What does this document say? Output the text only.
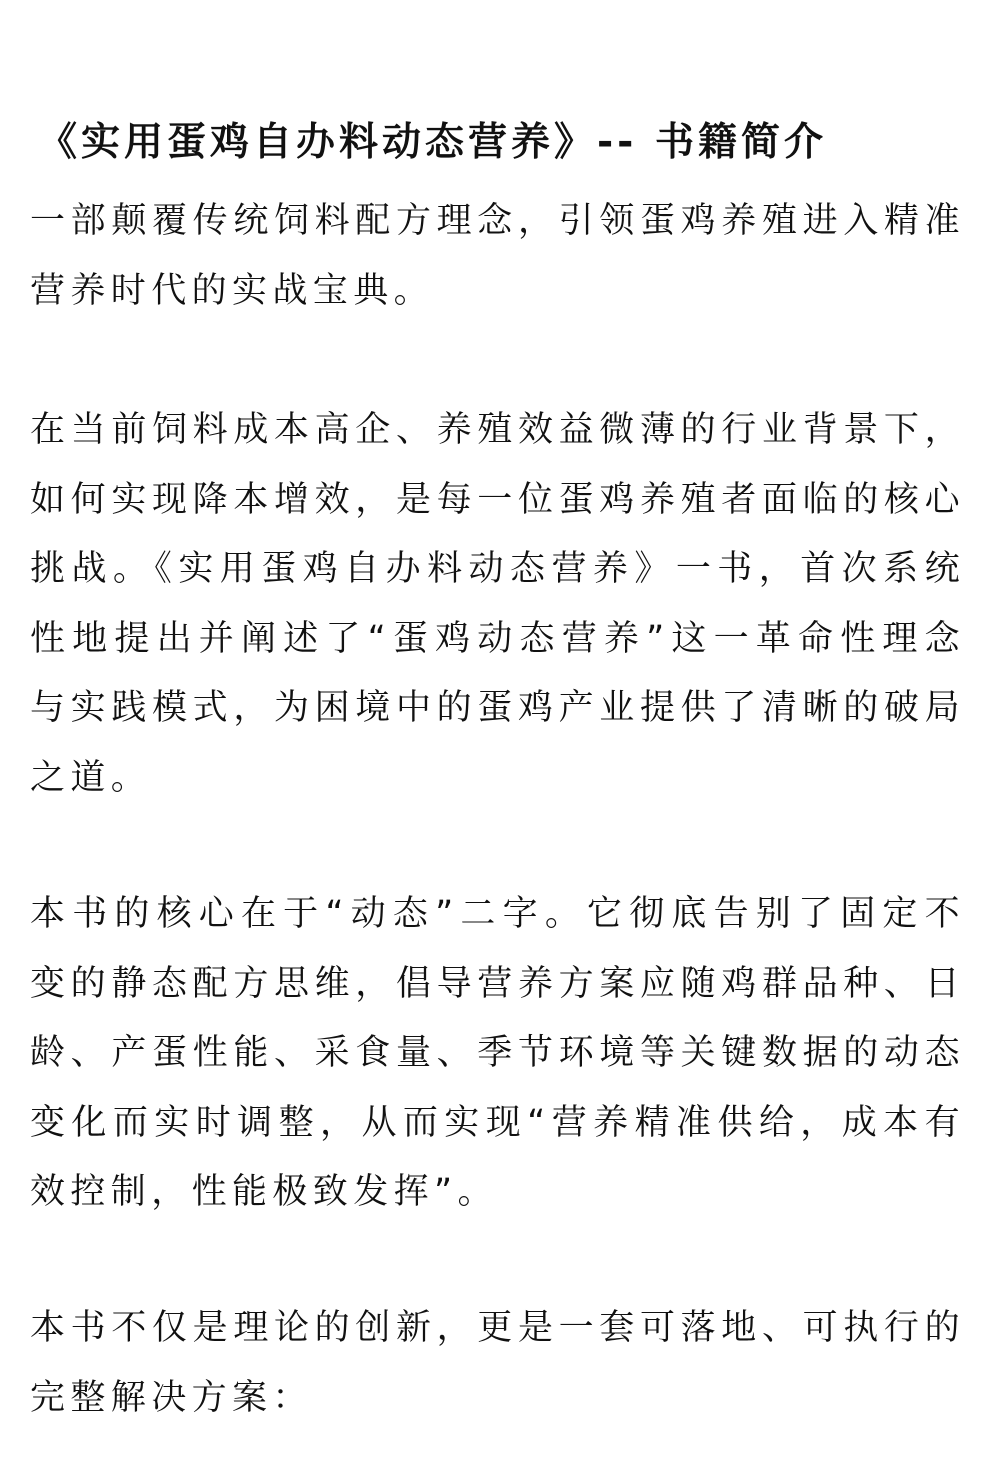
《实用蛋鸡自办料动态营养》-- 书籍简介
一部颠覆传统饲料配方理念，引领蛋鸡养殖进入精准营养时代的实战宝典。
在当前饲料成本高企、养殖效益微薄的行业背景下，如何实现降本增效，是每一位蛋鸡养殖者面临的核心挑战。《实用蛋鸡自办料动态营养》一书，首次系统性地提出并阐述了“蛋鸡动态营养”这一革命性理念与实践模式，为困境中的蛋鸡产业提供了清晰的破局之道。
本书的核心在于“动态”二字。它彻底告别了固定不变的静态配方思维，倡导营养方案应随鸡群品种、日龄、产蛋性能、采食量、季节环境等关键数据的动态变化而实时调整，从而实现“营养精准供给，成本有效控制，性能极致发挥”。
本书不仅是理论的创新，更是一套可落地、可执行的完整解决方案：
